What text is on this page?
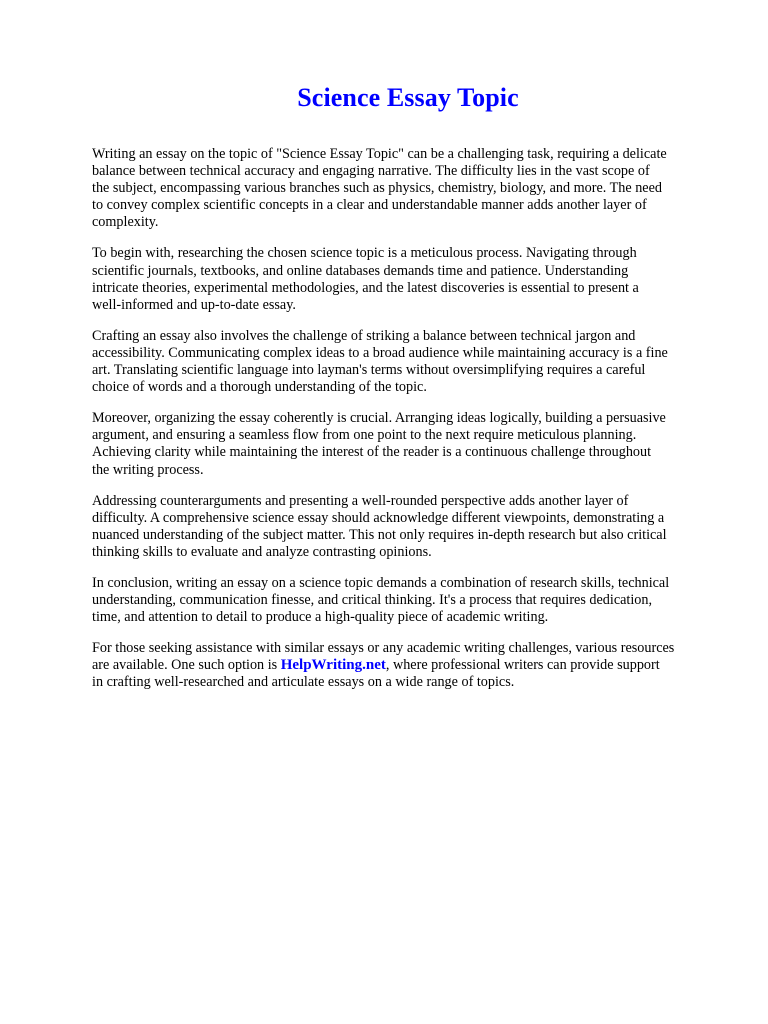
Science Essay Topic

Writing an essay on the topic of "Science Essay Topic" can be a challenging task, requiring a delicate
balance between technical accuracy and engaging narrative. The difficulty lies in the vast scope of
the subject, encompassing various branches such as physics, chemistry, biology, and more. The need
to convey complex scientific concepts in a clear and understandable manner adds another layer of
complexity.

To begin with, researching the chosen science topic is a meticulous process. Navigating through
scientific journals, textbooks, and online databases demands time and patience. Understanding
intricate theories, experimental methodologies, and the latest discoveries is essential to present a
well-informed and up-to-date essay.

Crafting an essay also involves the challenge of striking a balance between technical jargon and
accessibility. Communicating complex ideas to a broad audience while maintaining accuracy is a fine
art. Translating scientific language into layman's terms without oversimplifying requires a careful
choice of words and a thorough understanding of the topic.

Moreover, organizing the essay coherently is crucial. Arranging ideas logically, building a persuasive
argument, and ensuring a seamless flow from one point to the next require meticulous planning.
Achieving clarity while maintaining the interest of the reader is a continuous challenge throughout
the writing process.

Addressing counterarguments and presenting a well-rounded perspective adds another layer of
difficulty. A comprehensive science essay should acknowledge different viewpoints, demonstrating a
nuanced understanding of the subject matter. This not only requires in-depth research but also critical
thinking skills to evaluate and analyze contrasting opinions.

In conclusion, writing an essay on a science topic demands a combination of research skills, technical
understanding, communication finesse, and critical thinking. It's a process that requires dedication,
time, and attention to detail to produce a high-quality piece of academic writing.

For those seeking assistance with similar essays or any academic writing challenges, various resources
are available. One such option is HelpWriting.net, where professional writers can provide support
in crafting well-researched and articulate essays on a wide range of topics.
